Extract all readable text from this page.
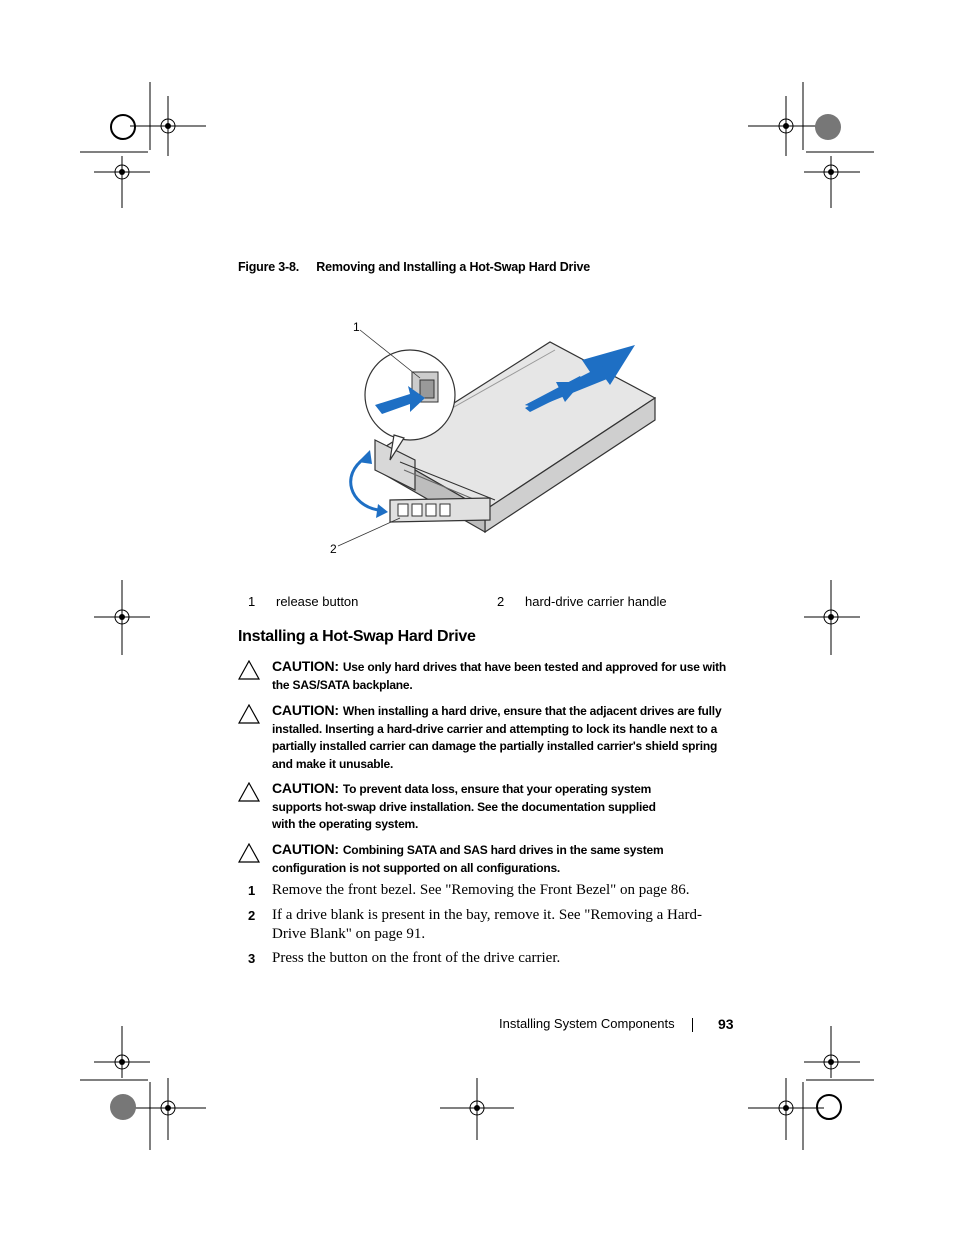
Figure 3-8. Removing and Installing a Hot-Swap Hard Drive
1
2
1 release button	2 hard-drive carrier handle
Installing a Hot-Swap Hard Drive
CAUTION: Use only hard drives that have been tested and approved for use with the SAS/SATA backplane.
CAUTION: When installing a hard drive, ensure that the adjacent drives are fully installed. Inserting a hard-drive carrier and attempting to lock its handle next to a partially installed carrier can damage the partially installed carrier's shield spring and make it unusable.
CAUTION: To prevent data loss, ensure that your operating system supports hot-swap drive installation. See the documentation supplied with the operating system.
CAUTION: Combining SATA and SAS hard drives in the same system configuration is not supported on all configurations.
1 Remove the front bezel. See "Removing the Front Bezel" on page 86.
2 If a drive blank is present in the bay, remove it. See "Removing a Hard-Drive Blank" on page 91.
3 Press the button on the front of the drive carrier.
Installing System Components	93
